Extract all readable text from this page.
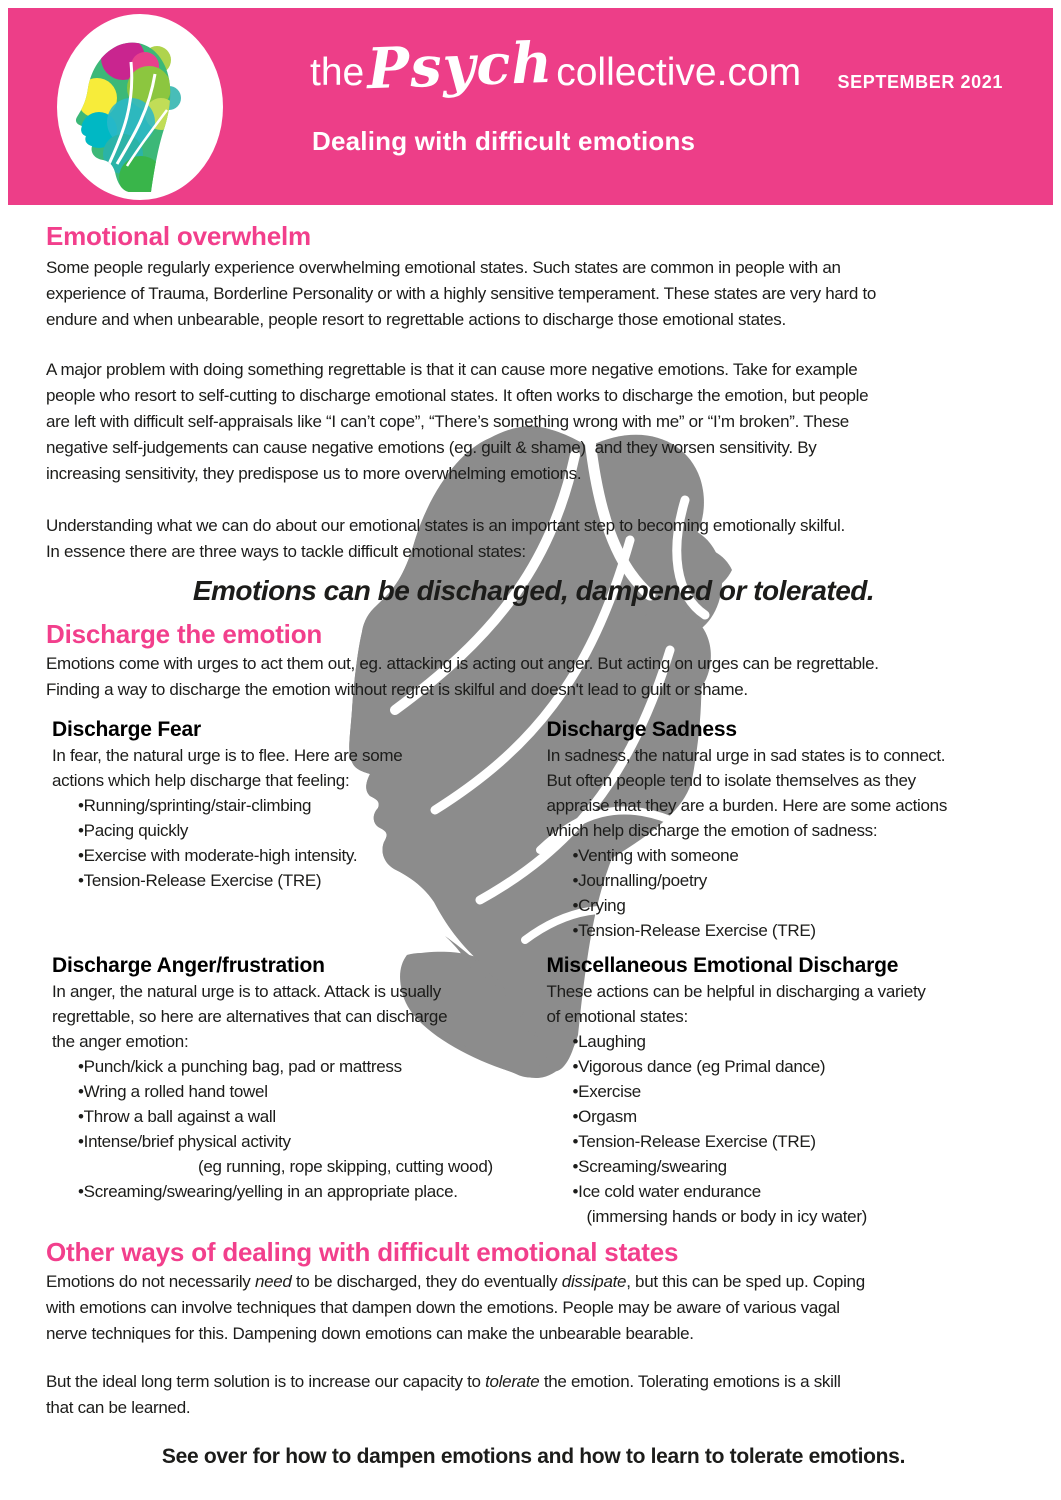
thePsychcollective.com SEPTEMBER 2021
Dealing with difficult emotions
Emotional overwhelm
Some people regularly experience overwhelming emotional states. Such states are common in people with an
experience of Trauma, Borderline Personality or with a highly sensitive temperament. These states are very hard to
endure and when unbearable, people resort to regrettable actions to discharge those emotional states.
A major problem with doing something regrettable is that it can cause more negative emotions. Take for example
people who resort to self-cutting to discharge emotional states. It often works to discharge the emotion, but people
are left with difficult self-appraisals like “I can’t cope”, “There’s something wrong with me” or “I’m broken”. These
negative self-judgements can cause negative emotions (eg. guilt & shame)  and they worsen sensitivity. By
increasing sensitivity, they predispose us to more overwhelming emotions.
Understanding what we can do about our emotional states is an important step to becoming emotionally skilful.
In essence there are three ways to tackle difficult emotional states:
Emotions can be discharged, dampened or tolerated.
Discharge the emotion
Emotions come with urges to act them out, eg. attacking is acting out anger. But acting on urges can be regrettable.
Finding a way to discharge the emotion without regret is skilful and doesn't lead to guilt or shame.
Discharge Fear
In fear, the natural urge is to flee. Here are some
actions which help discharge that feeling:
•Running/sprinting/stair-climbing
•Pacing quickly
•Exercise with moderate-high intensity.
•Tension-Release Exercise (TRE)
Discharge Sadness
In sadness, the natural urge in sad states is to connect.
But often people tend to isolate themselves as they
appraise that they are a burden. Here are some actions
which help discharge the emotion of sadness:
•Venting with someone
•Journalling/poetry
•Crying
•Tension-Release Exercise (TRE)
Discharge Anger/frustration
In anger, the natural urge is to attack. Attack is usually
regrettable, so here are alternatives that can discharge
the anger emotion:
•Punch/kick a punching bag, pad or mattress
•Wring a rolled hand towel
•Throw a ball against a wall
•Intense/brief physical activity
(eg running, rope skipping, cutting wood)
•Screaming/swearing/yelling in an appropriate place.
Miscellaneous Emotional Discharge
These actions can be helpful in discharging a variety
of emotional states:
•Laughing
•Vigorous dance (eg Primal dance)
•Exercise
•Orgasm
•Tension-Release Exercise (TRE)
•Screaming/swearing
•Ice cold water endurance
(immersing hands or body in icy water)
Other ways of dealing with difficult emotional states
Emotions do not necessarily need to be discharged, they do eventually dissipate, but this can be sped up. Coping
with emotions can involve techniques that dampen down the emotions. People may be aware of various vagal
nerve techniques for this. Dampening down emotions can make the unbearable bearable.
But the ideal long term solution is to increase our capacity to tolerate the emotion. Tolerating emotions is a skill
that can be learned.
See over for how to dampen emotions and how to learn to tolerate emotions.
